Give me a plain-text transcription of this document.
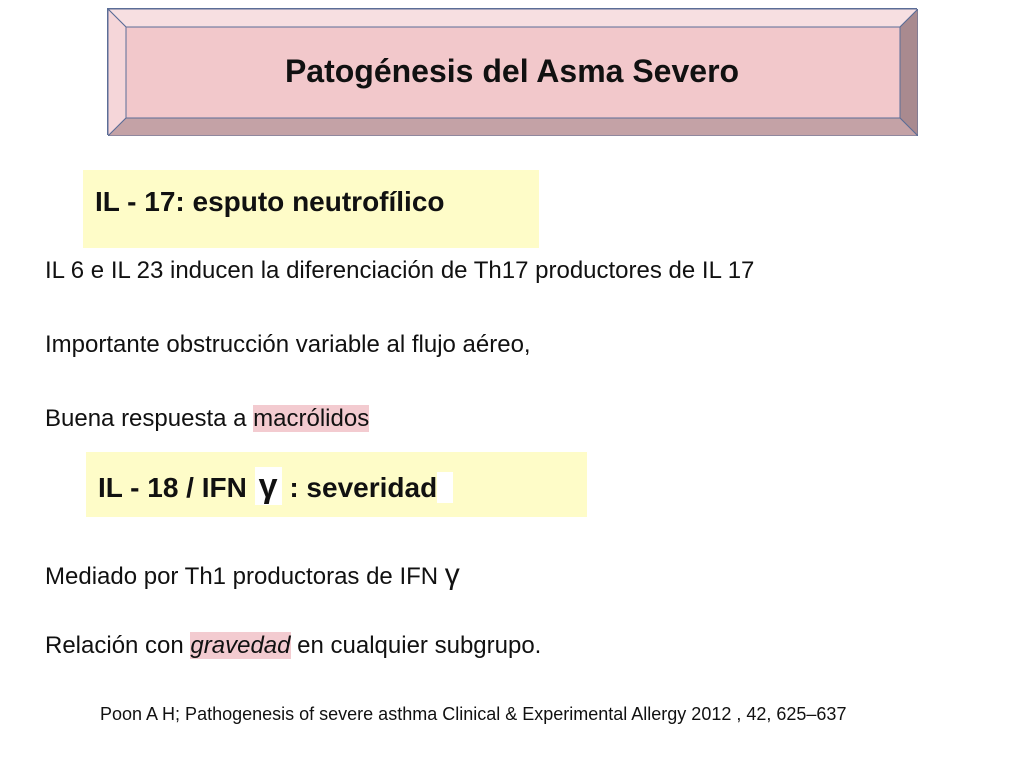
Patogénesis del Asma Severo
IL - 17: esputo neutrofílico
IL 6 e IL 23 inducen la diferenciación de Th17 productores de IL 17
Importante obstrucción variable al flujo aéreo,
Buena respuesta a macrólidos
IL - 18 / IFN γ : severidad
Mediado por Th1 productoras de IFN γ
Relación con gravedad en cualquier subgrupo.
Poon A H; Pathogenesis of severe asthma Clinical & Experimental Allergy 2012 , 42, 625–637
